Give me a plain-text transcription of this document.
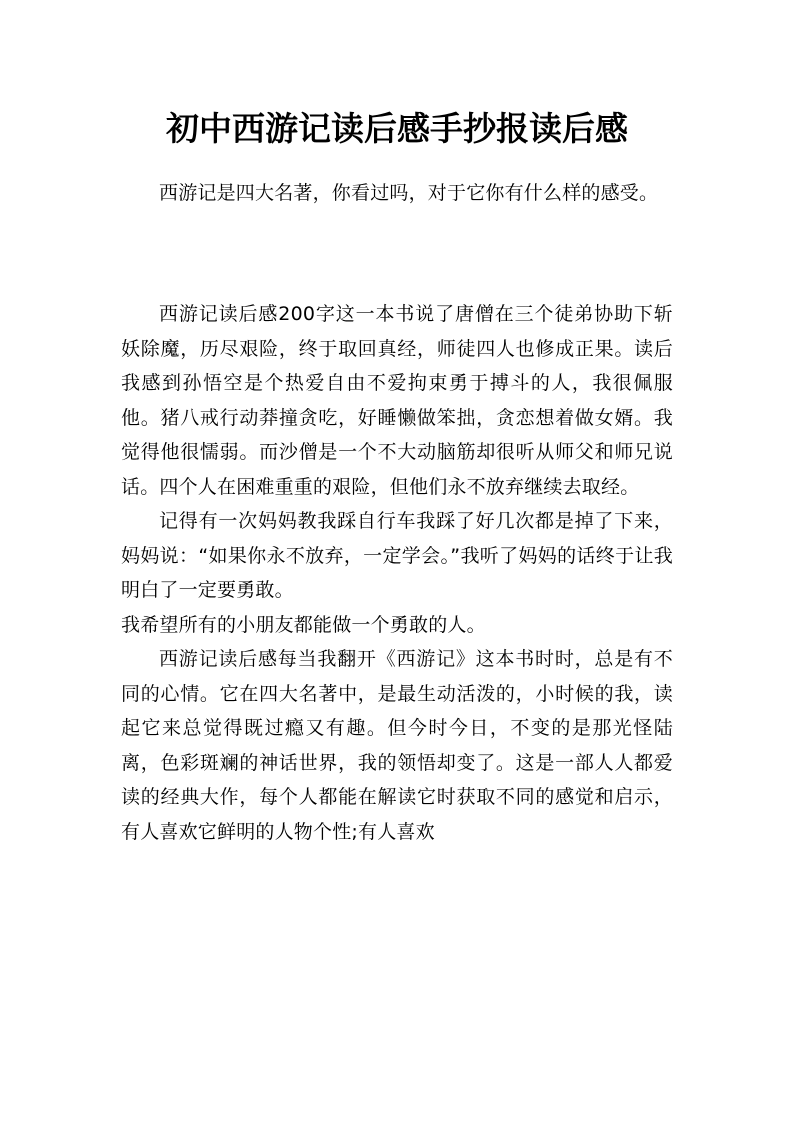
初中西游记读后感手抄报读后感

西游记是四大名著，你看过吗，对于它你有什么样的感受。

西游记读后感200字这一本书说了唐僧在三个徒弟协助下斩妖除魔，历尽艰险，终于取回真经，师徒四人也修成正果。读后我感到孙悟空是个热爱自由不爱拘束勇于搏斗的人，我很佩服他。猪八戒行动莽撞贪吃，好睡懒做笨拙，贪恋想着做女婿。我觉得他很懦弱。而沙僧是一个不大动脑筋却很听从师父和师兄说话。四个人在困难重重的艰险，但他们永不放弃继续去取经。

记得有一次妈妈教我踩自行车我踩了好几次都是掉了下来，妈妈说：“如果你永不放弃，一定学会。”我听了妈妈的话终于让我明白了一定要勇敢。

我希望所有的小朋友都能做一个勇敢的人。

西游记读后感每当我翻开《西游记》这本书时时，总是有不同的心情。它在四大名著中，是最生动活泼的，小时候的我，读起它来总觉得既过瘾又有趣。但今时今日，不变的是那光怪陆离，色彩斑斓的神话世界，我的领悟却变了。这是一部人人都爱读的经典大作，每个人都能在解读它时获取不同的感觉和启示，有人喜欢它鲜明的人物个性;有人喜欢
